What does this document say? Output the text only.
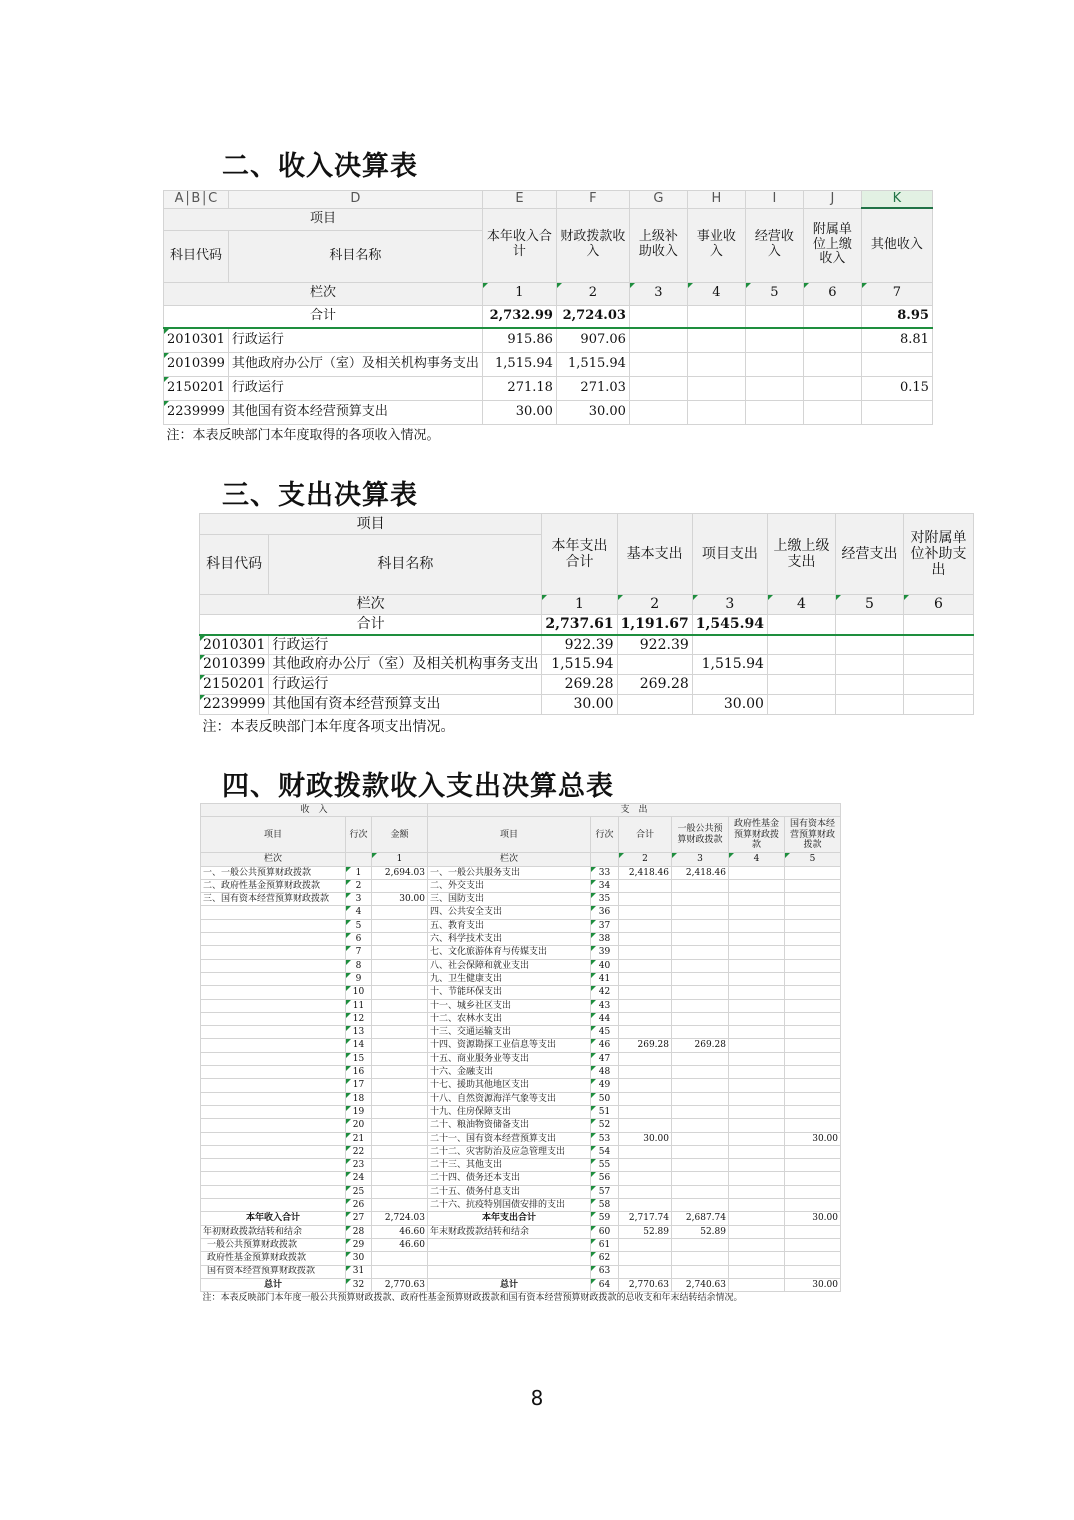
二、收入决算表
A│B│C	D	E	F	G	H	I	J	K
项目		本年收入合计	财政拨款收入	上级补助收入	事业收入	经营收入	附属单位上缴收入	其他收入
科目代码	科目名称							
栏次		1	2	3	4	5	6	7
合计		2,732.99	2,724.03					8.95
2010301	行政运行	915.86	907.06					8.81
2010399	其他政府办公厅（室）及相关机构事务支出	1,515.94	1,515.94					
2150201	行政运行	271.18	271.03					0.15
2239999	其他国有资本经营预算支出	30.00	30.00					
注：本表反映部门本年度取得的各项收入情况。								
三、支出决算表
项目		本年支出合计	基本支出	项目支出	上缴上级支出	经营支出	对附属单位补助支出
科目代码	科目名称						
栏次		1	2	3	4	5	6
合计		2,737.61	1,191.67	1,545.94			
2010301	行政运行	922.39	922.39				
2010399	其他政府办公厅（室）及相关机构事务支出	1,515.94		1,515.94			
2150201	行政运行	269.28	269.28				
2239999	其他国有资本经营预算支出	30.00		30.00			
注：本表反映部门本年度各项支出情况。							
四、财政拨款收入支出决算总表
收　入			支　出					
项目	行次	金额	项目	行次	合计	一般公共预算财政拨款	政府性基金预算财政拨款	国有资本经营预算财政拨款
栏次		1	栏次		2	3	4	5
一、一般公共预算财政拨款	1	2,694.03	一、一般公共服务支出	33	2,418.46	2,418.46		
二、政府性基金预算财政拨款	2		二、外交支出	34				
三、国有资本经营预算财政拨款	3	30.00	三、国防支出	35				
	4		四、公共安全支出	36				
	5		五、教育支出	37				
	6		六、科学技术支出	38				
	7		七、文化旅游体育与传媒支出	39				
	8		八、社会保障和就业支出	40				
	9		九、卫生健康支出	41				
	10		十、节能环保支出	42				
	11		十一、城乡社区支出	43				
	12		十二、农林水支出	44				
	13		十三、交通运输支出	45				
	14		十四、资源勘探工业信息等支出	46	269.28	269.28		
	15		十五、商业服务业等支出	47				
	16		十六、金融支出	48				
	17		十七、援助其他地区支出	49				
	18		十八、自然资源海洋气象等支出	50				
	19		十九、住房保障支出	51				
	20		二十、粮油物资储备支出	52				
	21		二十一、国有资本经营预算支出	53	30.00			30.00
	22		二十二、灾害防治及应急管理支出	54				
	23		二十三、其他支出	55				
	24		二十四、债务还本支出	56				
	25		二十五、债务付息支出	57				
	26		二十六、抗疫特别国债安排的支出	58				
本年收入合计	27	2,724.03	本年支出合计	59	2,717.74	2,687.74		30.00
年初财政拨款结转和结余	28	46.60	年末财政拨款结转和结余	60	52.89	52.89		
一般公共预算财政拨款	29	46.60		61				
政府性基金预算财政拨款	30			62				
国有资本经营预算财政拨款	31			63				
总计	32	2,770.63	总计	64	2,770.63	2,740.63		30.00
注：本表反映部门本年度一般公共预算财政拨款、政府性基金预算财政拨款和国有资本经营预算财政拨款的总收支和年末结转结余情况。								
8
